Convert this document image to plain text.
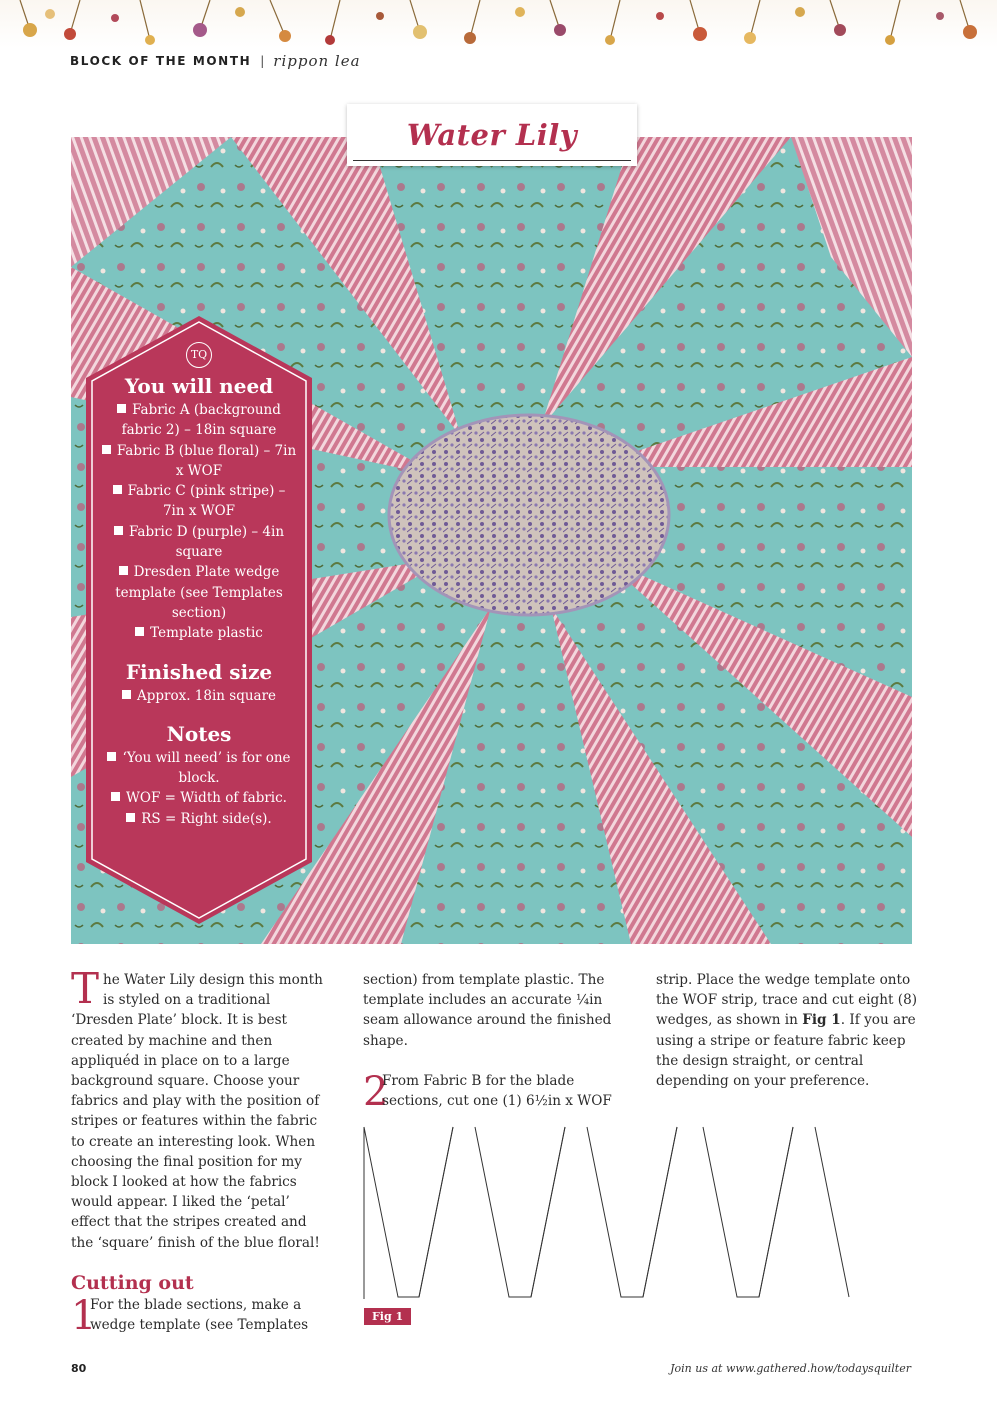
BLOCK OF THE MONTH | rippon lea
Water Lily
TQ
You will need
Fabric A (background fabric 2) – 18in square
Fabric B (blue floral) – 7in x WOF
Fabric C (pink stripe) – 7in x WOF
Fabric D (purple) – 4in square
Dresden Plate wedge template (see Templates section)
Template plastic
Finished size
Approx. 18in square
Notes
‘You will need’ is for one block.
WOF = Width of fabric.
RS = Right side(s).

The Water Lily design this month is styled on a traditional ‘Dresden Plate’ block. It is best created by machine and then appliquéd in place on to a large background square. Choose your fabrics and play with the position of stripes or features within the fabric to create an interesting look. When choosing the final position for my block I looked at how the fabrics would appear. I liked the ‘petal’ effect that the stripes created and the ‘square’ finish of the blue floral!

Cutting out
1
For the blade sections, make a wedge template (see Templates

section) from template plastic. The template includes an accurate ¼in seam allowance around the finished shape.

2
From Fabric B for the blade sections, cut one (1) 6½in x WOF

strip. Place the wedge template onto the WOF strip, trace and cut eight (8) wedges, as shown in Fig 1. If you are using a stripe or feature fabric keep the design straight, or central depending on your preference.

Fig 1
80	Join us at www.gathered.how/todaysquilter
